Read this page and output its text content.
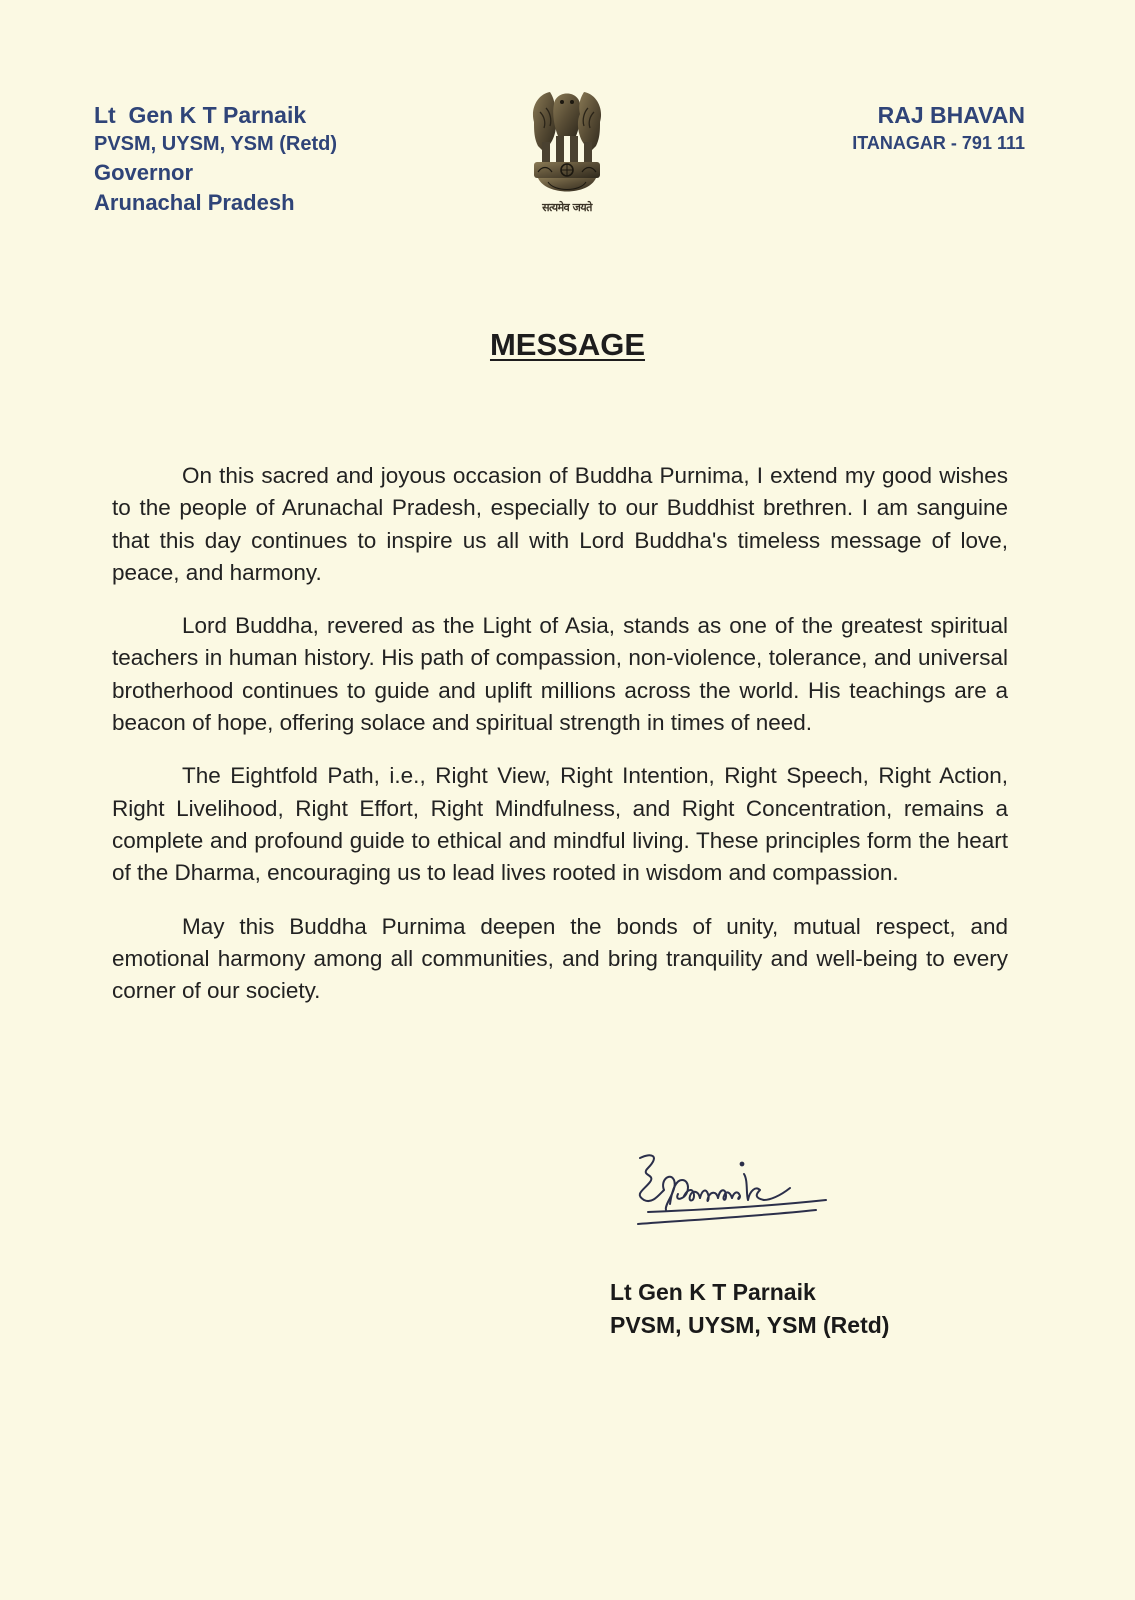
Lt  Gen K T Parnaik
PVSM, UYSM, YSM (Retd)
Governor
Arunachal Pradesh	सत्यमेव जयते
RAJ BHAVAN
ITANAGAR - 791 111
MESSAGE

On this sacred and joyous occasion of Buddha Purnima, I extend my good wishes to the people of Arunachal Pradesh, especially to our Buddhist brethren. I am sanguine that this day continues to inspire us all with Lord Buddha's timeless message of love, peace, and harmony.

Lord Buddha, revered as the Light of Asia, stands as one of the greatest spiritual teachers in human history. His path of compassion, non-violence, tolerance, and universal brotherhood continues to guide and uplift millions across the world. His teachings are a beacon of hope, offering solace and spiritual strength in times of need.

The Eightfold Path, i.e., Right View, Right Intention, Right Speech, Right Action, Right Livelihood, Right Effort, Right Mindfulness, and Right Concentration, remains a complete and profound guide to ethical and mindful living. These principles form the heart of the Dharma, encouraging us to lead lives rooted in wisdom and compassion.

May this Buddha Purnima deepen the bonds of unity, mutual respect, and emotional harmony among all communities, and bring tranquility and well-being to every corner of our society.

Lt Gen K T Parnaik
PVSM, UYSM, YSM (Retd)
